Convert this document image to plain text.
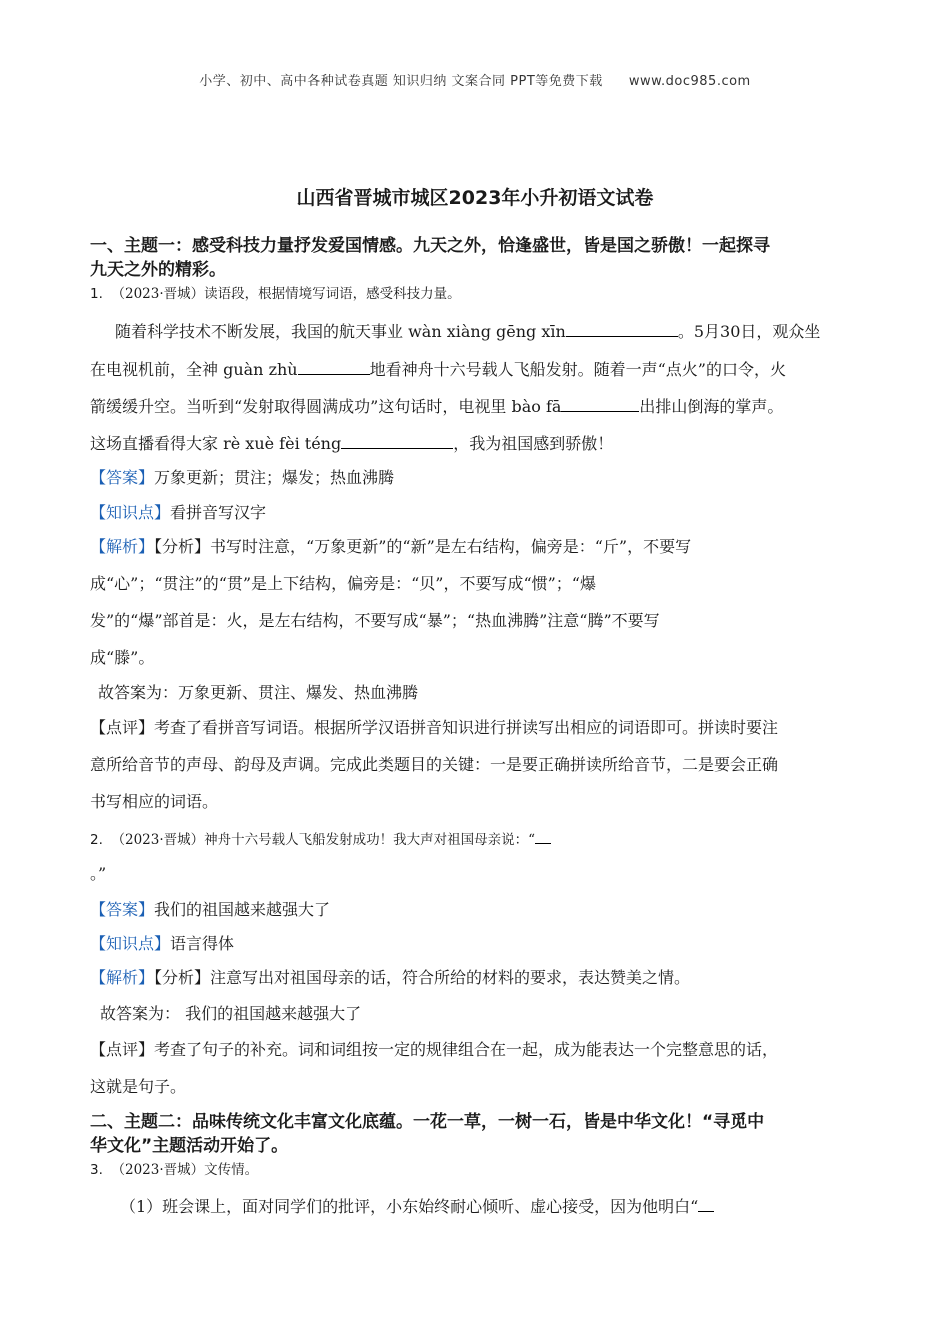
小学、初中、高中各种试卷真题 知识归纳 文案合同 PPT等免费下载 www.doc985.com
山西省晋城市城区2023年小升初语文试卷
一、主题一：感受科技力量抒发爱国情感。九天之外，恰逢盛世，皆是国之骄傲！一起探寻
九天之外的精彩。
1. （2023·晋城）读语段，根据情境写词语，感受科技力量。
随着科学技术不断发展，我国的航天事业 wàn xiàng gēng xīn	。5月30日，观众坐
在电视机前，全神 guàn zhù	地看神舟十六号载人飞船发射。随着一声“点火”的口令，火
箭缓缓升空。当听到“发射取得圆满成功”这句话时，电视里 bào fā	出排山倒海的掌声。
这场直播看得大家 rè xuè fèi téng	，我为祖国感到骄傲！
【答案】万象更新；贯注；爆发；热血沸腾
【知识点】看拼音写汉字
【解析】【分析】书写时注意，“万象更新”的“新”是左右结构，偏旁是：“斤”，不要写
成“心”；“贯注”的“贯”是上下结构，偏旁是：“贝”，不要写成“惯”；“爆
发”的“爆”部首是：火，是左右结构，不要写成“暴”；“热血沸腾”注意“腾”不要写
成“滕”。
故答案为：万象更新、贯注、爆发、热血沸腾
【点评】考查了看拼音写词语。根据所学汉语拼音知识进行拼读写出相应的词语即可。拼读时要注
意所给音节的声母、韵母及声调。完成此类题目的关键：一是要正确拼读所给音节，二是要会正确
书写相应的词语。
2. （2023·晋城）神舟十六号载人飞船发射成功！我大声对祖国母亲说：“
。”
【答案】我们的祖国越来越强大了
【知识点】语言得体
【解析】【分析】注意写出对祖国母亲的话，符合所给的材料的要求，表达赞美之情。
故答案为： 我们的祖国越来越强大了
【点评】考查了句子的补充。词和词组按一定的规律组合在一起，成为能表达一个完整意思的话，
这就是句子。
二、主题二：品味传统文化丰富文化底蕴。一花一草，一树一石，皆是中华文化！“寻觅中
华文化”主题活动开始了。
3. （2023·晋城）文传情。
（1）班会课上，面对同学们的批评，小东始终耐心倾听、虚心接受，因为他明白“
